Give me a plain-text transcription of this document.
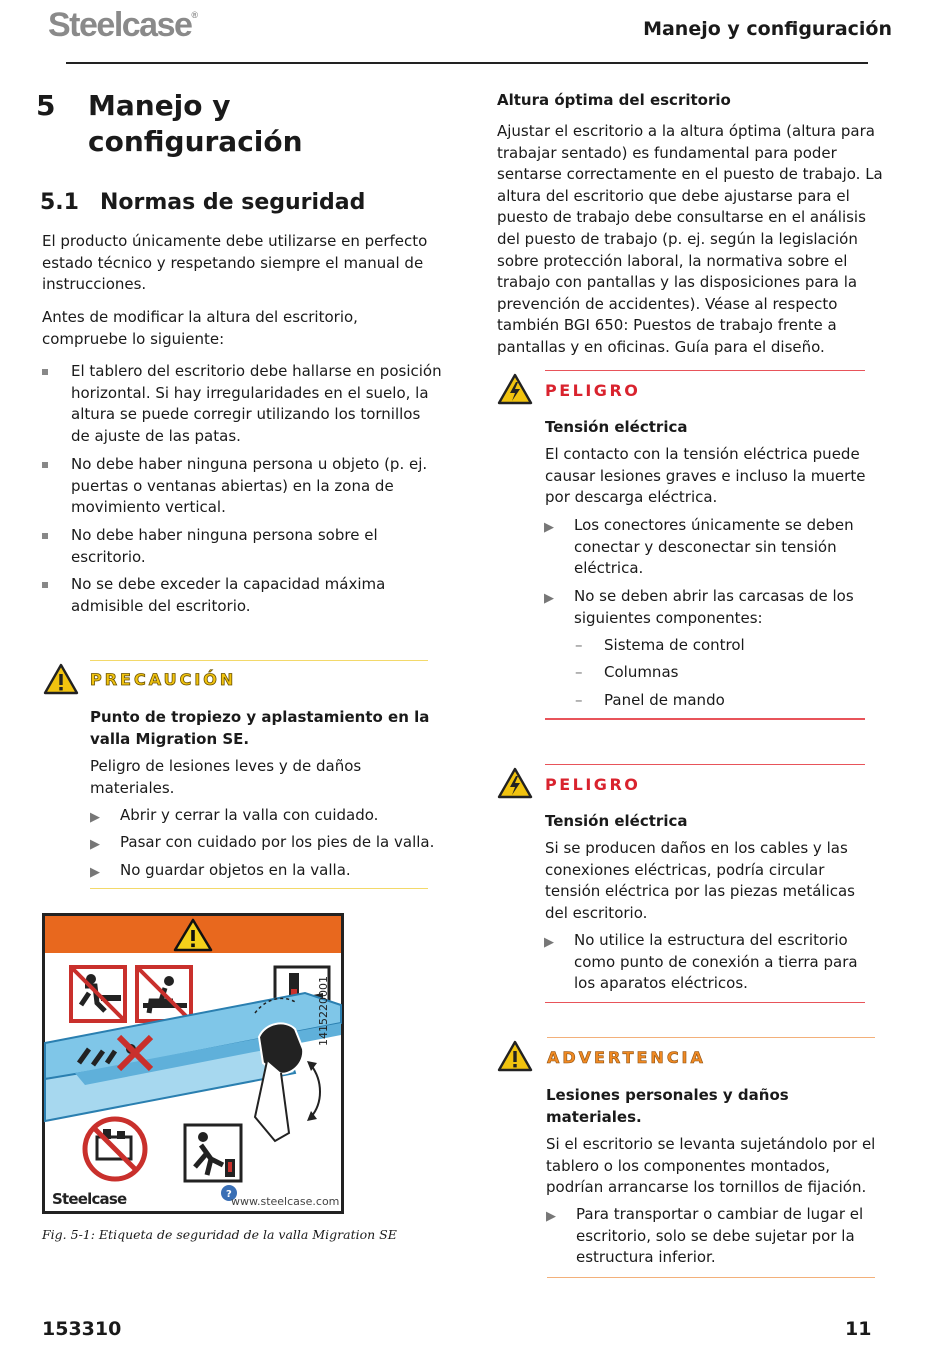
Steelcase®
Manejo y configuración
5 Manejo y configuración
5.1 Normas de seguridad

El producto únicamente debe utilizarse en perfecto estado técnico y respetando siempre el manual de instrucciones.

Antes de modificar la altura del escritorio, compruebe lo siguiente:

El tablero del escritorio debe hallarse en posición horizontal. Si hay irregularidades en el suelo, la altura se puede corregir utilizando los tornillos de ajuste de las patas.
No debe haber ninguna persona u objeto (p. ej. puertas o ventanas abiertas) en la zona de movimiento vertical.
No debe haber ninguna persona sobre el escritorio.
No se debe exceder la capacidad máxima admisible del escritorio.
PRECAUCIÓN

Punto de tropiezo y aplastamiento en la valla Migration SE.

Peligro de lesiones leves y de daños materiales.

▶ Abrir y cerrar la valla con cuidado.
▶ Pasar con cuidado por los pies de la valla.
▶ No guardar objetos en la valla.
?
Steelcase	www.steelcase.com
1415220001
Fig. 5-1: Etiqueta de seguridad de la valla Migration SE

Altura óptima del escritorio

Ajustar el escritorio a la altura óptima (altura para trabajar sentado) es fundamental para poder sentarse correctamente en el puesto de trabajo. La altura del escritorio que debe ajustarse para el puesto de trabajo debe consultarse en el análisis del puesto de trabajo (p. ej. según la legislación sobre protección laboral, la normativa sobre el trabajo con pantallas y las disposiciones para la prevención de accidentes). Véase al respecto también BGI 650: Puestos de trabajo frente a pantallas y en oficinas. Guía para el diseño.

PELIGRO

Tensión eléctrica

El contacto con la tensión eléctrica puede causar lesiones graves e incluso la muerte por descarga eléctrica.

▶ Los conectores únicamente se deben conectar y desconectar sin tensión eléctrica.
▶ No se deben abrir las carcasas de los siguientes componentes:
– Sistema de control
– Columnas
– Panel de mando
PELIGRO

Tensión eléctrica

Si se producen daños en los cables y las conexiones eléctricas, podría circular tensión eléctrica por las piezas metálicas del escritorio.

▶ No utilice la estructura del escritorio como punto de conexión a tierra para los aparatos eléctricos.
ADVERTENCIA

Lesiones personales y daños materiales.

Si el escritorio se levanta sujetándolo por el tablero o los componentes montados, podrían arrancarse los tornillos de fijación.

▶ Para transportar o cambiar de lugar el escritorio, solo se debe sujetar por la estructura inferior.
153310	11
